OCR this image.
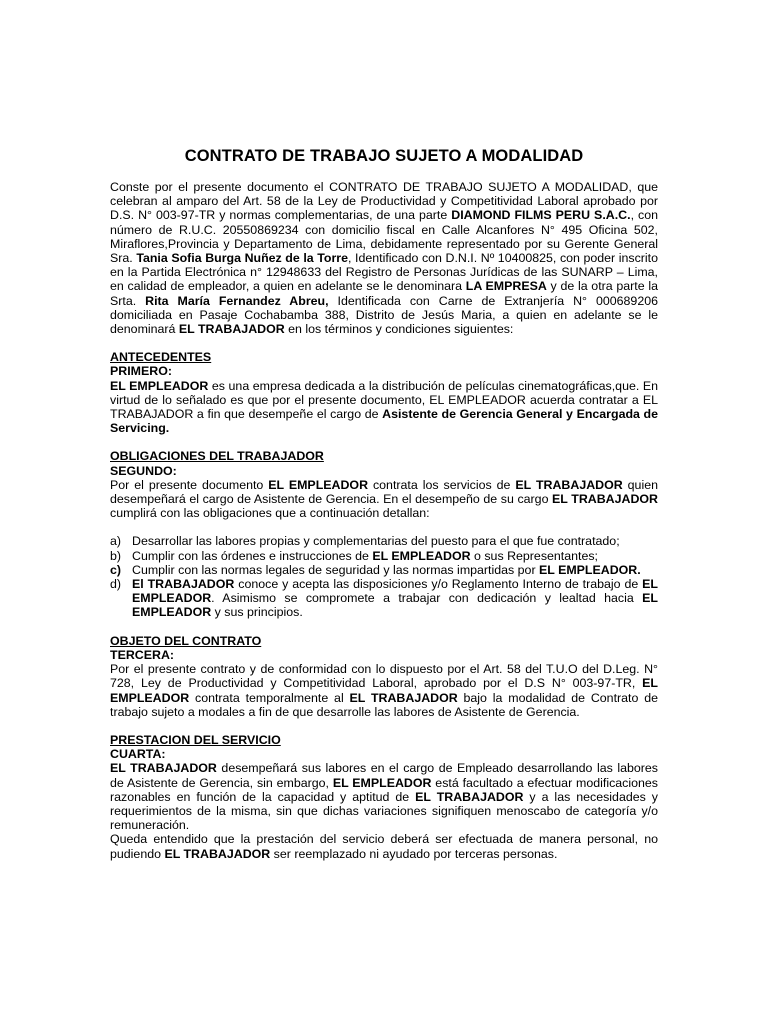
CONTRATO DE TRABAJO SUJETO A MODALIDAD

Conste por el presente documento el CONTRATO DE TRABAJO SUJETO A MODALIDAD, que celebran al amparo del Art. 58 de la Ley de Productividad y Competitividad Laboral aprobado por D.S. N° 003-97-TR y normas complementarias, de una parte DIAMOND FILMS PERU S.A.C., con número de R.U.C. 20550869234 con domicilio fiscal en Calle Alcanfores N° 495 Oficina 502, Miraflores,Provincia y Departamento de Lima, debidamente representado por su Gerente General Sra. Tania Sofia Burga Nuñez de la Torre, Identificado con D.N.I. Nº 10400825, con poder inscrito en la Partida Electrónica n° 12948633 del Registro de Personas Jurídicas de las SUNARP – Lima, en calidad de empleador, a quien en adelante se le denominara LA EMPRESA y de la otra parte la Srta. Rita María Fernandez Abreu, Identificada con Carne de Extranjería N° 000689206 domiciliada en Pasaje Cochabamba 388, Distrito de Jesús Maria, a quien en adelante se le denominará EL TRABAJADOR en los términos y condiciones siguientes:

ANTECEDENTES
PRIMERO:

EL EMPLEADOR es una empresa dedicada a la distribución de películas cinematográficas,que. En virtud de lo señalado es que por el presente documento, EL EMPLEADOR acuerda contratar a EL TRABAJADOR a fin que desempeñe el cargo de Asistente de Gerencia General y Encargada de Servicing.

OBLIGACIONES DEL TRABAJADOR
SEGUNDO:

Por el presente documento EL EMPLEADOR contrata los servicios de EL TRABAJADOR quien desempeñará el cargo de Asistente de Gerencia. En el desempeño de su cargo EL TRABAJADOR cumplirá con las obligaciones que a continuación detallan:

a) Desarrollar las labores propias y complementarias del puesto para el que fue contratado;
b) Cumplir con las órdenes e instrucciones de EL EMPLEADOR o sus Representantes;
c) Cumplir con las normas legales de seguridad y las normas impartidas por EL EMPLEADOR.
d) El TRABAJADOR conoce y acepta las disposiciones y/o Reglamento Interno de trabajo de EL EMPLEADOR. Asimismo se compromete a trabajar con dedicación y lealtad hacia EL EMPLEADOR y sus principios.
OBJETO DEL CONTRATO
TERCERA:

Por el presente contrato y de conformidad con lo dispuesto por el Art. 58 del T.U.O del D.Leg. N° 728, Ley de Productividad y Competitividad Laboral, aprobado por el D.S N° 003-97-TR, EL EMPLEADOR contrata temporalmente al EL TRABAJADOR bajo la modalidad de Contrato de trabajo sujeto a modales a fin de que desarrolle las labores de Asistente de Gerencia.

PRESTACION DEL SERVICIO
CUARTA:

EL TRABAJADOR desempeñará sus labores en el cargo de Empleado desarrollando las labores de Asistente de Gerencia, sin embargo, EL EMPLEADOR está facultado a efectuar modificaciones razonables en función de la capacidad y aptitud de EL TRABAJADOR y a las necesidades y requerimientos de la misma, sin que dichas variaciones signifiquen menoscabo de categoría y/o remuneración.

Queda entendido que la prestación del servicio deberá ser efectuada de manera personal, no pudiendo EL TRABAJADOR ser reemplazado ni ayudado por terceras personas.
